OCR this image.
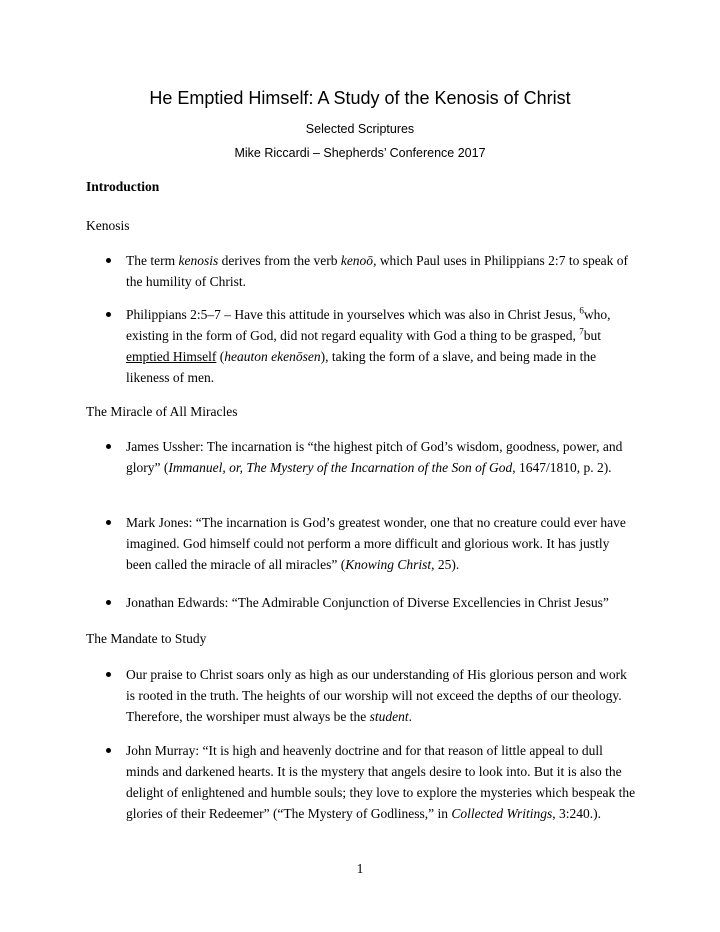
He Emptied Himself: A Study of the Kenosis of Christ
Selected Scriptures
Mike Riccardi – Shepherds’ Conference 2017
Introduction
Kenosis
The term kenosis derives from the verb kenoō, which Paul uses in Philippians 2:7 to speak of the humility of Christ.
Philippians 2:5–7 – Have this attitude in yourselves which was also in Christ Jesus, $^6$who, existing in the form of God, did not regard equality with God a thing to be grasped, $^7$but emptied Himself (heauton ekenōsen), taking the form of a slave, and being made in the likeness of men.
The Miracle of All Miracles
James Ussher: The incarnation is “the highest pitch of God’s wisdom, goodness, power, and glory” (Immanuel, or, The Mystery of the Incarnation of the Son of God, 1647/1810, p. 2).
Mark Jones: “The incarnation is God’s greatest wonder, one that no creature could ever have imagined. God himself could not perform a more difficult and glorious work. It has justly been called the miracle of all miracles” (Knowing Christ, 25).
Jonathan Edwards: “The Admirable Conjunction of Diverse Excellencies in Christ Jesus”
The Mandate to Study
Our praise to Christ soars only as high as our understanding of His glorious person and work is rooted in the truth. The heights of our worship will not exceed the depths of our theology. Therefore, the worshiper must always be the student.
John Murray: “It is high and heavenly doctrine and for that reason of little appeal to dull minds and darkened hearts. It is the mystery that angels desire to look into. But it is also the delight of enlightened and humble souls; they love to explore the mysteries which bespeak the glories of their Redeemer” (“The Mystery of Godliness,” in Collected Writings, 3:240.).
1
